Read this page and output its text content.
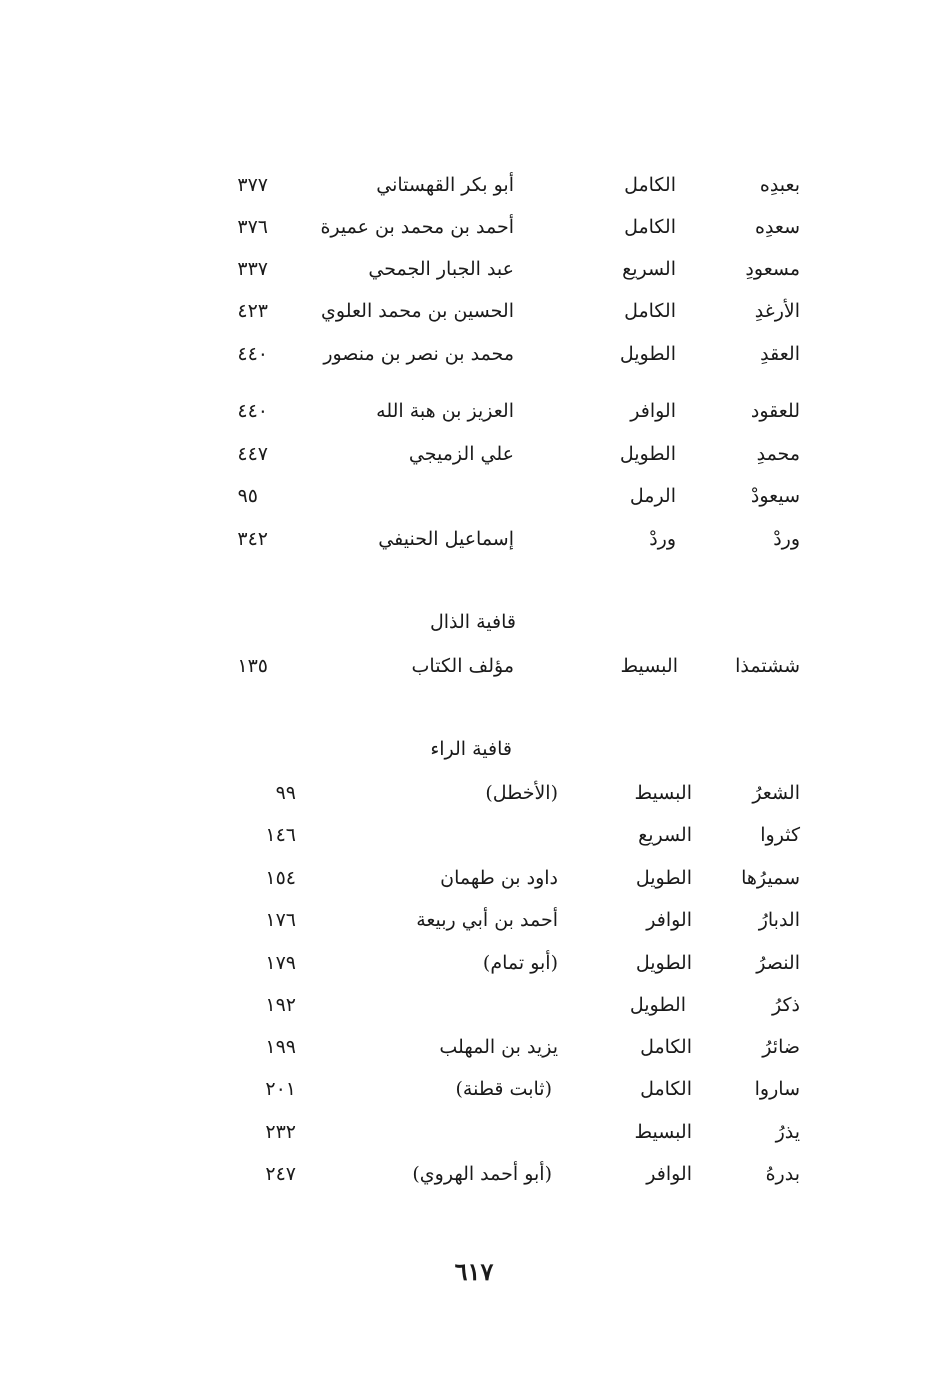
بعبدِه
الكامل
أبو بكر القهستاني
٣٧٧
سعدِه
الكامل
أحمد بن محمد بن عميرة
٣٧٦
مسعودِ
السريع
عبد الجبار الجمحي
٣٣٧
الأرغدِ
الكامل
الحسين بن محمد العلوي
٤٢٣
العقدِ
الطويل
محمد بن نصر بن منصور
٤٤٠
للعقود
الوافر
العزيز بن هبة الله
٤٤٠
محمدِ
الطويل
علي الزميجي
٤٤٧
سيعودْ
الرمل
٩٥
وردْ
وردْ
إسماعيل الحنيفي
٣٤٢
قافية الذال
ششتمذا
البسيط
مؤلف الكتاب
١٣٥
قافية الراء
الشعرُ
البسيط
(الأخطل)
٩٩
كثروا
السريع
١٤٦
سميرُها
الطويل
داود بن طهمان
١٥٤
الدبارُ
الوافر
أحمد بن أبي ربيعة
١٧٦
النصرُ
الطويل
(أبو تمام)
١٧٩
ذكرُ
الطويل
١٩٢
ضائرُ
الكامل
يزيد بن المهلب
١٩٩
ساروا
الكامل
(ثابت قطنة)
٢٠١
يذرُ
البسيط
٢٣٢
بدرهُ
الوافر
(أبو أحمد الهروي)
٢٤٧
٦١٧
